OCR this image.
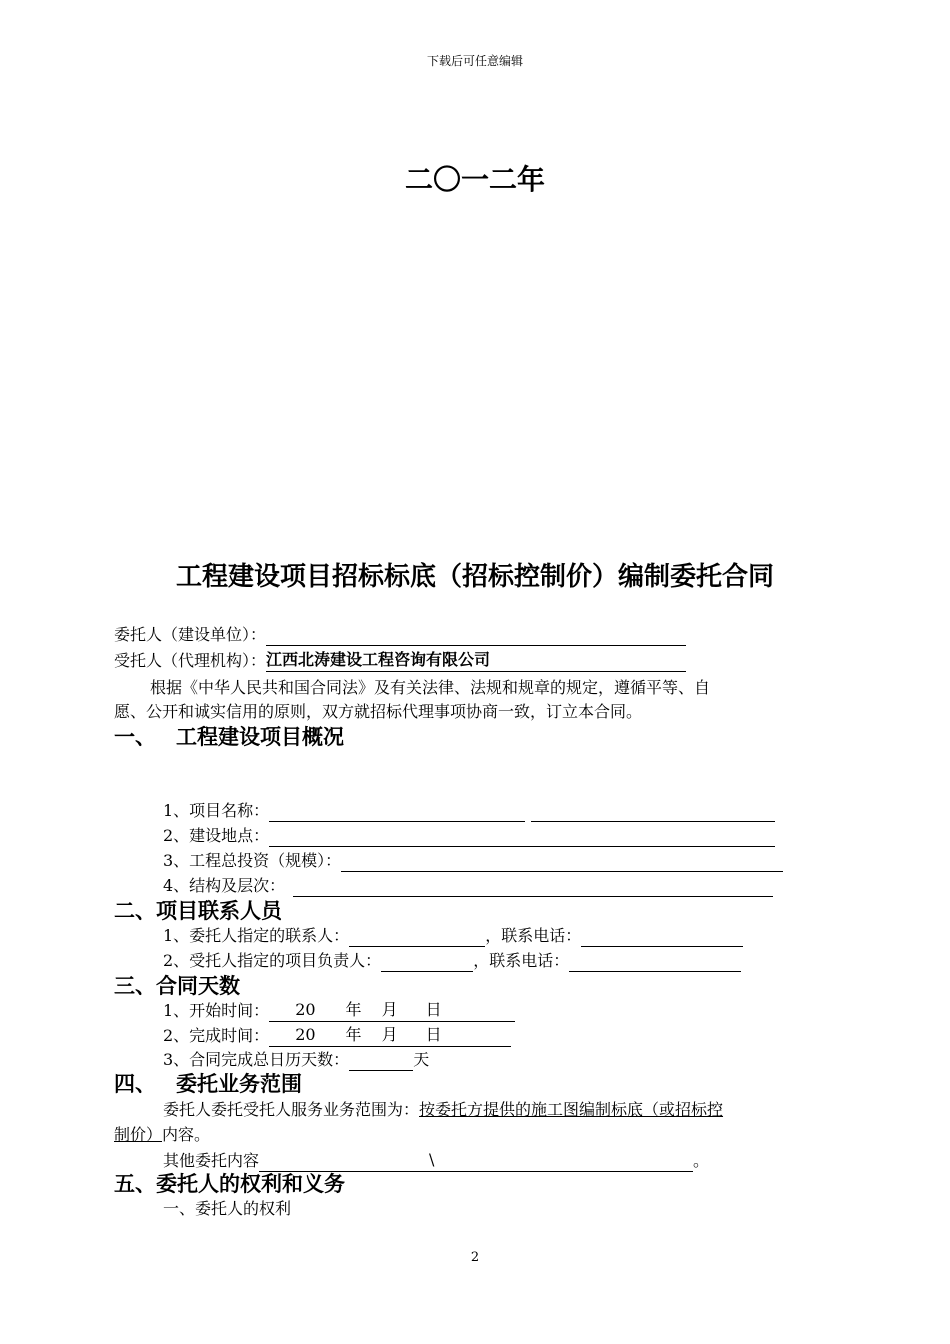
下载后可任意编辑
二〇一二年
工程建设项目招标标底（招标控制价）编制委托合同
委托人（建设单位）：
受托人（代理机构）：江西北涛建设工程咨询有限公司
根据《中华人民共和国合同法》及有关法律、法规和规章的规定，遵循平等、自
愿、公开和诚实信用的原则，双方就招标代理事项协商一致，订立本合同。
一、 工程建设项目概况
1、项目名称：
2、建设地点：
3、工程总投资（规模）：
4、结构及层次：
二、项目联系人员
1、委托人指定的联系人：	，联系电话：
2、受托人指定的项目负责人：	，联系电话：
三、合同天数
1、开始时间： 20 年 月 日
2、完成时间： 20 年 月 日
3、合同完成总日历天数：	天
四、 委托业务范围
委托人委托受托人服务业务范围为：按委托方提供的施工图编制标底（或招标控
制价）内容。
其他委托内容	\	。
五、委托人的权利和义务
一、委托人的权利
2
